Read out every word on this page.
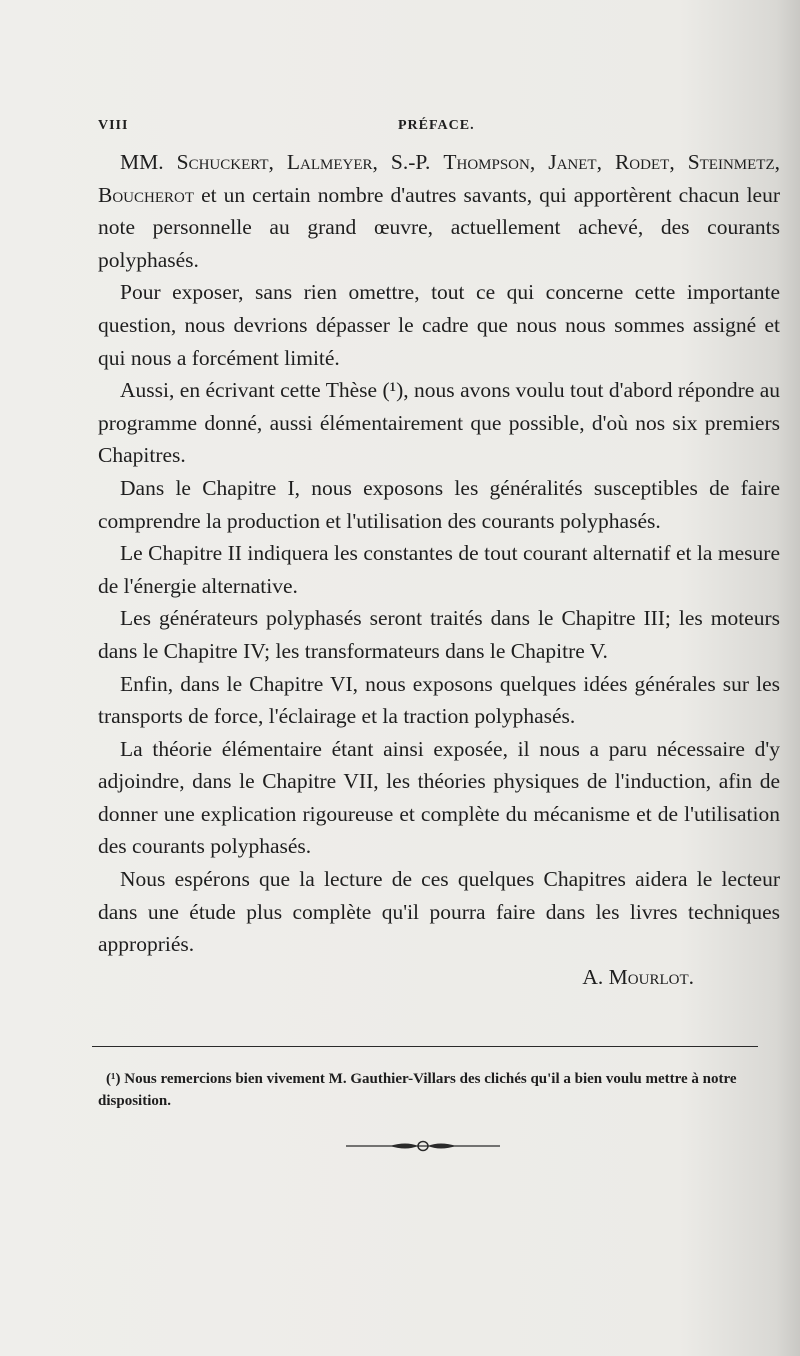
VIII	PRÉFACE.

MM. Schuckert, Lalmeyer, S.-P. Thompson, Janet, Rodet, Steinmetz, Boucherot et un certain nombre d'autres savants, qui apportèrent chacun leur note personnelle au grand œuvre, actuellement achevé, des courants polyphasés.

Pour exposer, sans rien omettre, tout ce qui concerne cette importante question, nous devrions dépasser le cadre que nous nous sommes assigné et qui nous a forcément limité.

Aussi, en écrivant cette Thèse (¹), nous avons voulu tout d'abord répondre au programme donné, aussi élémentairement que possible, d'où nos six premiers Chapitres.

Dans le Chapitre I, nous exposons les généralités susceptibles de faire comprendre la production et l'utilisation des courants polyphasés.

Le Chapitre II indiquera les constantes de tout courant alternatif et la mesure de l'énergie alternative.

Les générateurs polyphasés seront traités dans le Chapitre III; les moteurs dans le Chapitre IV; les transformateurs dans le Chapitre V.

Enfin, dans le Chapitre VI, nous exposons quelques idées générales sur les transports de force, l'éclairage et la traction polyphasés.

La théorie élémentaire étant ainsi exposée, il nous a paru nécessaire d'y adjoindre, dans le Chapitre VII, les théories physiques de l'induction, afin de donner une explication rigoureuse et complète du mécanisme et de l'utilisation des courants polyphasés.

Nous espérons que la lecture de ces quelques Chapitres aidera le lecteur dans une étude plus complète qu'il pourra faire dans les livres techniques appropriés.

A. Mourlot.

(¹) Nous remercions bien vivement M. Gauthier-Villars des clichés qu'il a bien voulu mettre à notre disposition.
